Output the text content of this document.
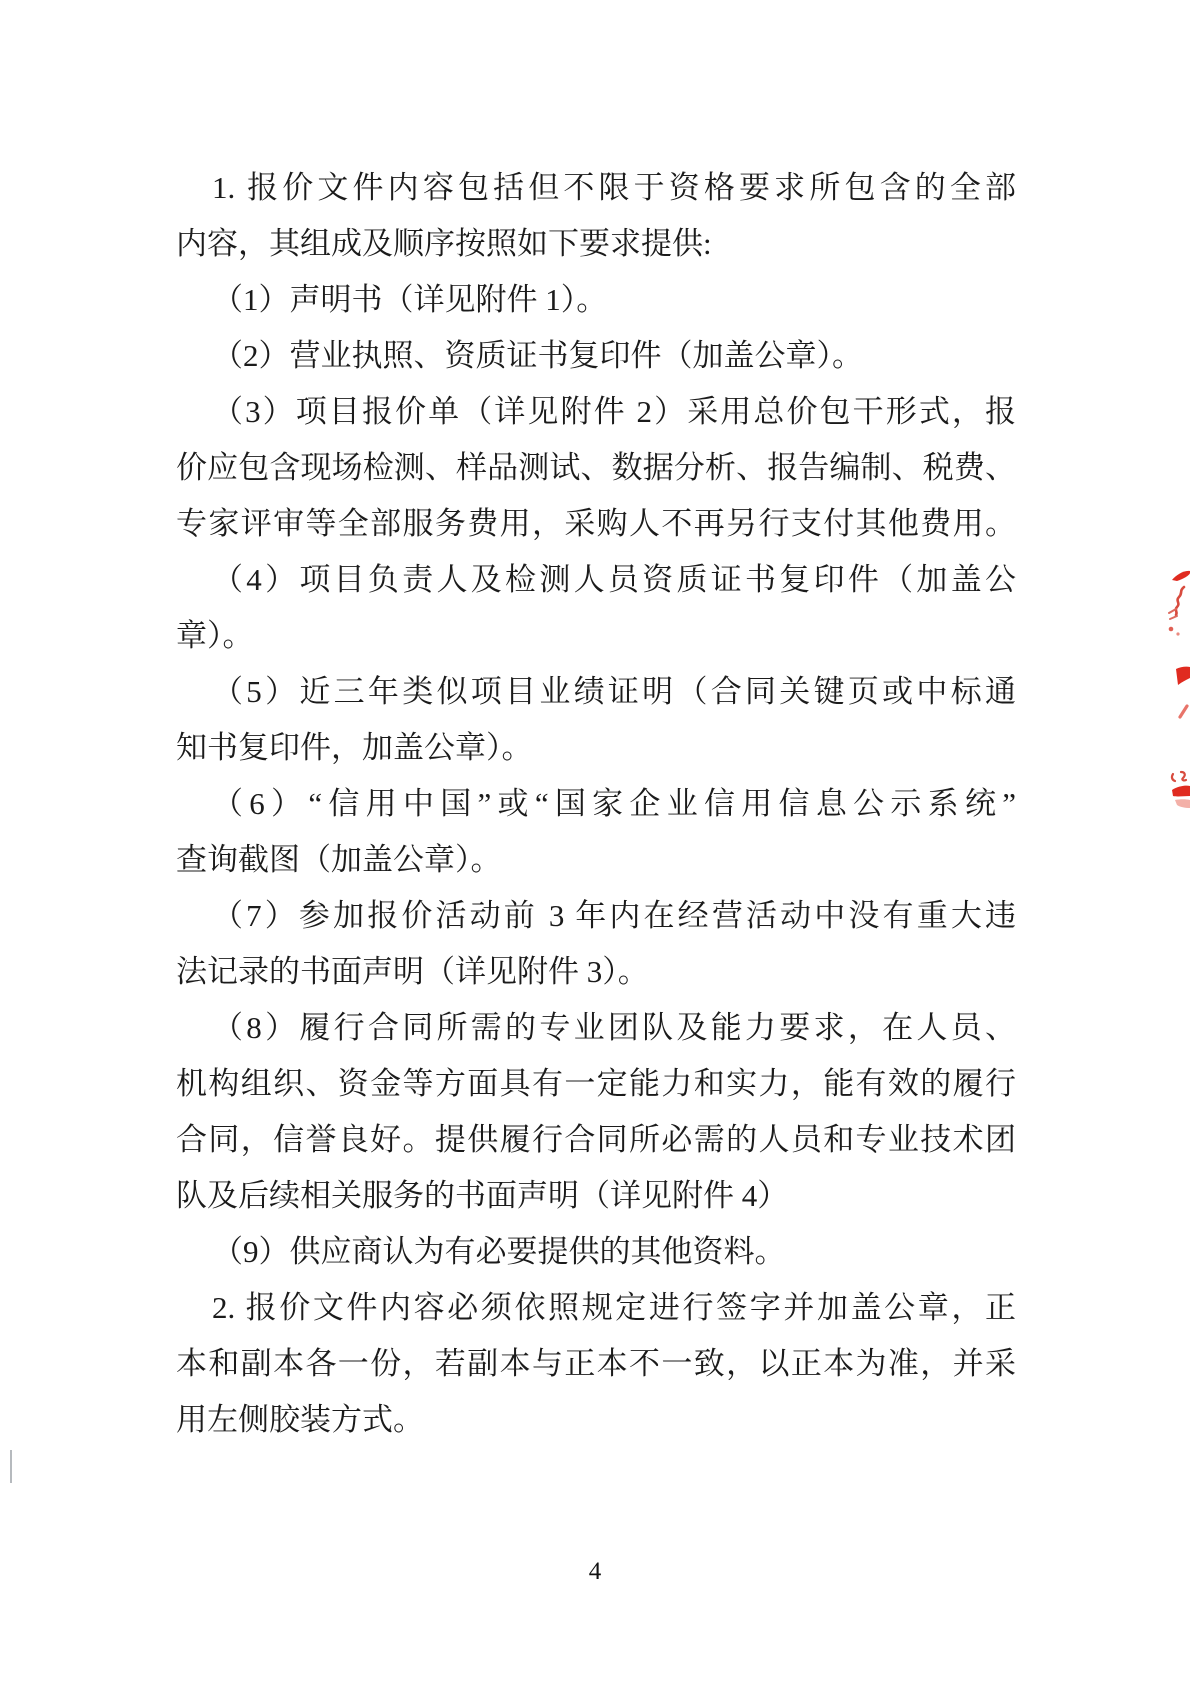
1. 报价文件内容包括但不限于资格要求所包含的全部
内容，其组成及顺序按照如下要求提供:
（1）声明书（详见附件 1）。
（2）营业执照、资质证书复印件（加盖公章）。
（3）项目报价单（详见附件 2）采用总价包干形式，报
价应包含现场检测、样品测试、数据分析、报告编制、税费、
专家评审等全部服务费用，采购人不再另行支付其他费用。
（4）项目负责人及检测人员资质证书复印件（加盖公
章）。
（5）近三年类似项目业绩证明（合同关键页或中标通
知书复印件，加盖公章）。
（6）“信用中国”或“国家企业信用信息公示系统”
查询截图（加盖公章）。
（7）参加报价活动前 3 年内在经营活动中没有重大违
法记录的书面声明（详见附件 3）。
（8）履行合同所需的专业团队及能力要求，在人员、
机构组织、资金等方面具有一定能力和实力，能有效的履行
合同，信誉良好。提供履行合同所必需的人员和专业技术团
队及后续相关服务的书面声明（详见附件 4）
（9）供应商认为有必要提供的其他资料。
2. 报价文件内容必须依照规定进行签字并加盖公章，正
本和副本各一份，若副本与正本不一致，以正本为准，并采
用左侧胶装方式。
4
